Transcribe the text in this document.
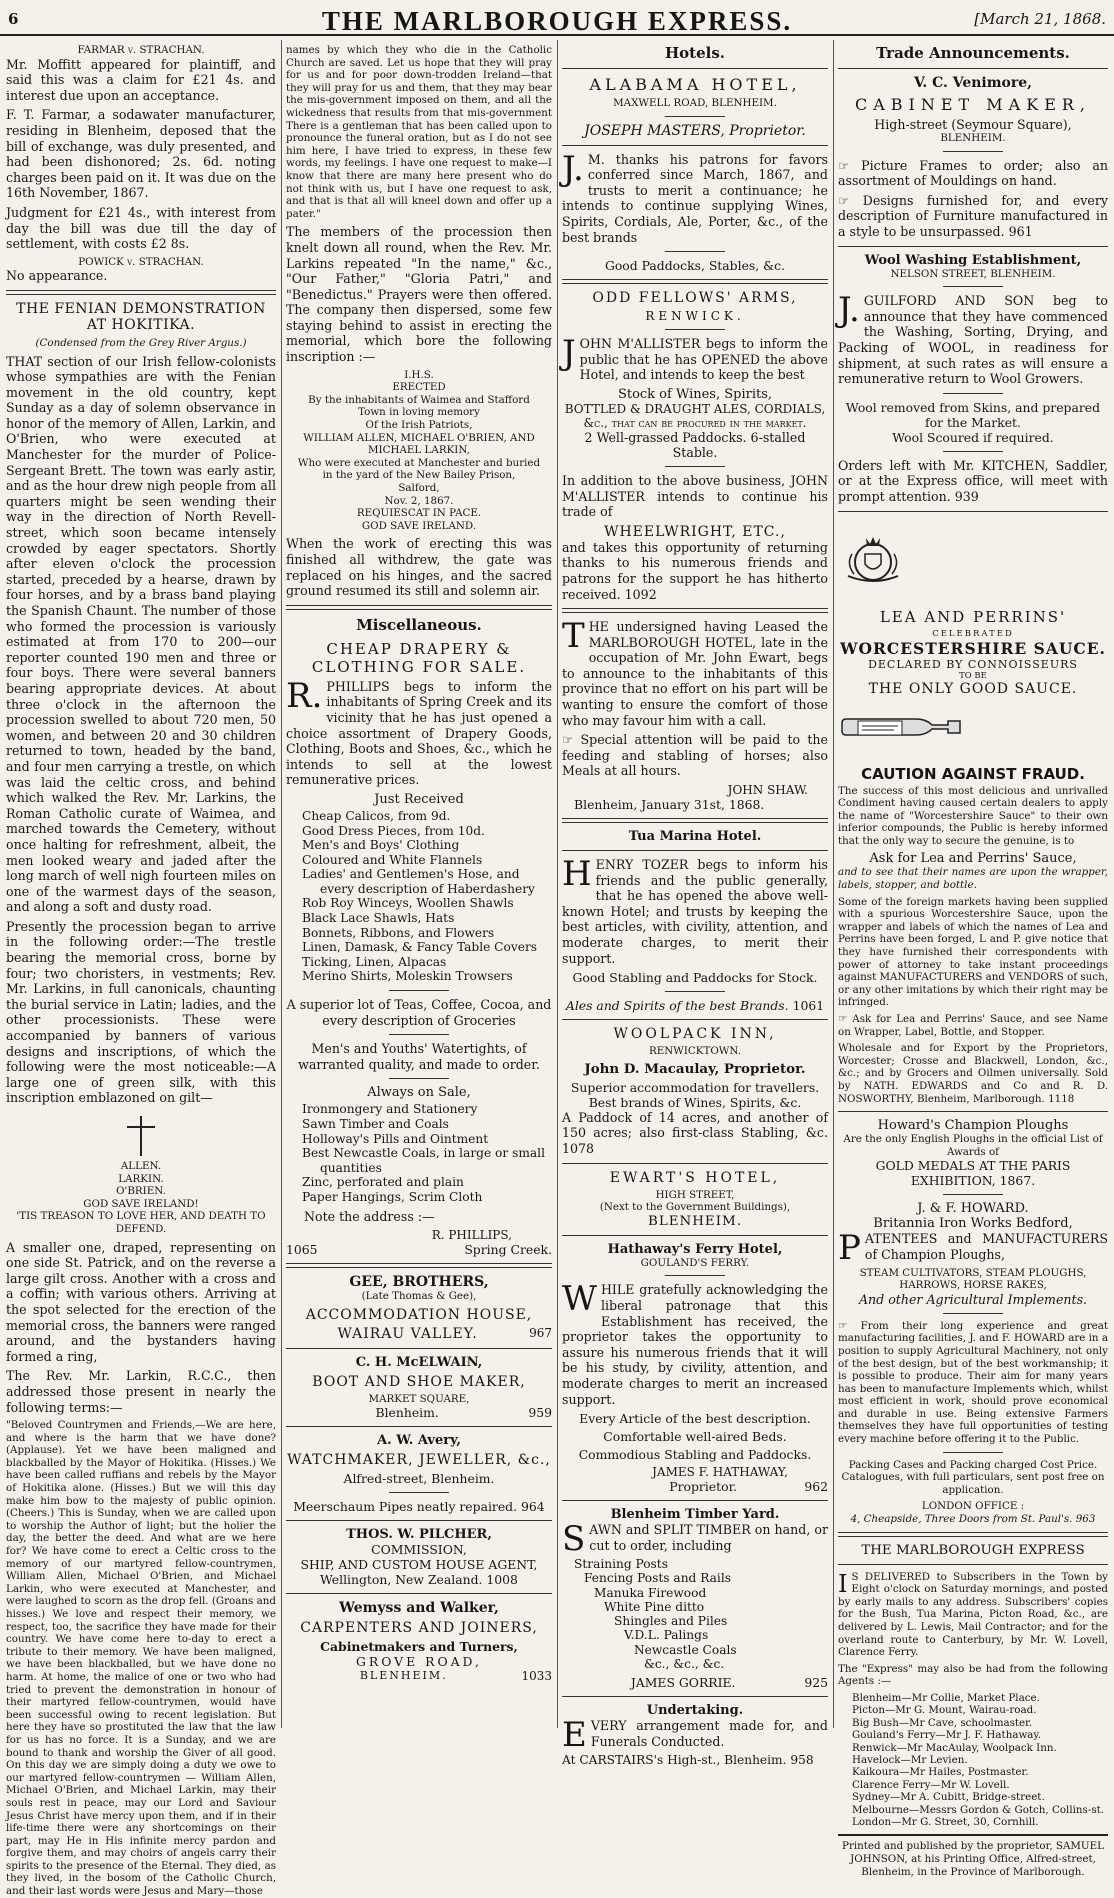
6	THE MARLBOROUGH EXPRESS.	[March 21, 1868.
FARMAR v. STRACHAN.

Mr. Moffitt appeared for plaintiff, and said this was a claim for £21 4s. and interest due upon an acceptance.

F. T. Farmar, a sodawater manufacturer, residing in Blenheim, deposed that the bill of exchange, was duly presented, and had been dishonored; 2s. 6d. noting charges been paid on it. It was due on the 16th November, 1867.

Judgment for £21 4s., with interest from day the bill was due till the day of settlement, with costs £2 8s.

POWICK v. STRACHAN.

No appearance.

THE FENIAN DEMONSTRATION AT HOKITIKA.
(Condensed from the Grey River Argus.)

THAT section of our Irish fellow-colonists whose sympathies are with the Fenian movement in the old country, kept Sunday as a day of solemn observance in honor of the memory of Allen, Larkin, and O'Brien, who were executed at Manchester for the murder of Police-Sergeant Brett. The town was early astir, and as the hour drew nigh people from all quarters might be seen wending their way in the direction of North Revell-street, which soon became intensely crowded by eager spectators. Shortly after eleven o'clock the procession started, preceded by a hearse, drawn by four horses, and by a brass band playing the Spanish Chaunt. The number of those who formed the procession is variously estimated at from 170 to 200—our reporter counted 190 men and three or four boys. There were several banners bearing appropriate devices. At about three o'clock in the afternoon the procession swelled to about 720 men, 50 women, and between 20 and 30 children returned to town, headed by the band, and four men carrying a trestle, on which was laid the celtic cross, and behind which walked the Rev. Mr. Larkins, the Roman Catholic curate of Waimea, and marched towards the Cemetery, without once halting for refreshment, albeit, the men looked weary and jaded after the long march of well nigh fourteen miles on one of the warmest days of the season, and along a soft and dusty road.

Presently the procession began to arrive in the following order:—The trestle bearing the memorial cross, borne by four; two choristers, in vestments; Rev. Mr. Larkins, in full canonicals, chaunting the burial service in Latin; ladies, and the other processionists. These were accompanied by banners of various designs and inscriptions, of which the following were the most noticeable:—A large one of green silk, with this inscription emblazoned on gilt—

ALLEN.
LARKIN.
O'BRIEN.
GOD SAVE IRELAND!
'TIS TREASON TO LOVE HER, AND DEATH TO DEFEND.

A smaller one, draped, representing on one side St. Patrick, and on the reverse a large gilt cross. Another with a cross and a coffin; with various others. Arriving at the spot selected for the erection of the memorial cross, the banners were ranged around, and the bystanders having formed a ring,

The Rev. Mr. Larkin, R.C.C., then addressed those present in nearly the following terms:—

"Beloved Countrymen and Friends,—We are here, and where is the harm that we have done? (Applause). Yet we have been maligned and blackballed by the Mayor of Hokitika. (Hisses.) We have been called ruffians and rebels by the Mayor of Hokitika alone. (Hisses.) But we will this day make him bow to the majesty of public opinion. (Cheers.) This is Sunday, when we are called upon to worship the Author of light; but the holier the day, the better the deed. And what are we here for? We have come to erect a Celtic cross to the memory of our martyred fellow-countrymen, William Allen, Michael O'Brien, and Michael Larkin, who were executed at Manchester, and were laughed to scorn as the drop fell. (Groans and hisses.) We love and respect their memory, we respect, too, the sacrifice they have made for their country. We have come here to-day to erect a tribute to their memory. We have been maligned, we have been blackballed, but we have done no harm. At home, the malice of one or two who had tried to prevent the demonstration in honour of their martyred fellow-countrymen, would have been successful owing to recent legislation. But here they have so prostituted the law that the law for us has no force. It is a Sunday, and we are bound to thank and worship the Giver of all good. On this day we are simply doing a duty we owe to our martyred fellow-countrymen — William Allen, Michael O'Brien, and Michael Larkin, may their souls rest in peace, may our Lord and Saviour Jesus Christ have mercy upon them, and if in their life-time there were any shortcomings on their part, may He in His infinite mercy pardon and forgive them, and may choirs of angels carry their spirits to the presence of the Eternal. They died, as they lived, in the bosom of the Catholic Church, and their last words were Jesus and Mary—those

names by which they who die in the Catholic Church are saved. Let us hope that they will pray for us and for poor down-trodden Ireland—that they will pray for us and them, that they may bear the mis-government imposed on them, and all the wickedness that results from that mis-government There is a gentleman that has been called upon to pronounce the funeral oration, but as I do not see him here, I have tried to express, in these few words, my feelings. I have one request to make—I know that there are many here present who do not think with us, but I have one request to ask, and that is that all will kneel down and offer up a pater."

The members of the procession then knelt down all round, when the Rev. Mr. Larkins repeated "In the name," &c., "Our Father," "Gloria Patri," and "Benedictus." Prayers were then offered. The company then dispersed, some few staying behind to assist in erecting the memorial, which bore the following inscription :—

I.H.S.
ERECTED
By the inhabitants of Waimea and Stafford
Town in loving memory
Of the Irish Patriots,
WILLIAM ALLEN, MICHAEL O'BRIEN, AND
MICHAEL LARKIN,
Who were executed at Manchester and buried
in the yard of the New Bailey Prison,
Salford,
Nov. 2, 1867.
REQUIESCAT IN PACE.
GOD SAVE IRELAND.

When the work of erecting this was finished all withdrew, the gate was replaced on his hinges, and the sacred ground resumed its still and solemn air.

Miscellaneous.
CHEAP DRAPERY & CLOTHING FOR SALE.

R. PHILLIPS begs to inform the inhabitants of Spring Creek and its vicinity that he has just opened a choice assortment of Drapery Goods, Clothing, Boots and Shoes, &c., which he intends to sell at the lowest remunerative prices.

Just Received
Cheap Calicos, from 9d.
Good Dress Pieces, from 10d.
Men's and Boys' Clothing
Coloured and White Flannels
Ladies' and Gentlemen's Hose, and
every description of Haberdashery
Rob Roy Winceys, Woollen Shawls
Black Lace Shawls, Hats
Bonnets, Ribbons, and Flowers
Linen, Damask, & Fancy Table Covers
Ticking, Linen, Alpacas
Merino Shirts, Moleskin Trowsers

A superior lot of Teas, Coffee, Cocoa, and every description of Groceries

Men's and Youths' Watertights, of warranted quality, and made to order.

Always on Sale,
Ironmongery and Stationery
Sawn Timber and Coals
Holloway's Pills and Ointment
Best Newcastle Coals, in large or small
quantities
Zinc, perforated and plain
Paper Hangings, Scrim Cloth

Note the address :—

R. PHILLIPS,
1065	Spring Creek.
GEE, BROTHERS,
(Late Thomas & Gee),
ACCOMMODATION HOUSE,
WAIRAU VALLEY.	967
C. H. McELWAIN,
BOOT AND SHOE MAKER,
MARKET SQUARE,
Blenheim.	959
A. W. Avery,
WATCHMAKER, JEWELLER, &c.,
Alfred-street, Blenheim.
Meerschaum Pipes neatly repaired. 964
THOS. W. PILCHER,
COMMISSION,
SHIP, AND CUSTOM HOUSE AGENT,
Wellington, New Zealand. 1008
Wemyss and Walker,
CARPENTERS AND JOINERS,
Cabinetmakers and Turners,
GROVE ROAD,
BLENHEIM.	1033
Hotels.
ALABAMA HOTEL,
MAXWELL ROAD, BLENHEIM.
JOSEPH MASTERS, Proprietor.

J. M. thanks his patrons for favors conferred since March, 1867, and trusts to merit a continuance; he intends to continue supplying Wines, Spirits, Cordials, Ale, Porter, &c., of the best brands

Good Paddocks, Stables, &c.
ODD FELLOWS' ARMS,
RENWICK.

JOHN M'ALLISTER begs to inform the public that he has OPENED the above Hotel, and intends to keep the best

Stock of Wines, Spirits,
BOTTLED & DRAUGHT ALES, CORDIALS, &c., that can be procured in the market.
2 Well-grassed Paddocks. 6-stalled Stable.

In addition to the above business, JOHN M'ALLISTER intends to continue his trade of

WHEELWRIGHT, ETC.,

and takes this opportunity of returning thanks to his numerous friends and patrons for the support he has hitherto received. 1092

THE undersigned having Leased the MARLBOROUGH HOTEL, late in the occupation of Mr. John Ewart, begs to announce to the inhabitants of this province that no effort on his part will be wanting to ensure the comfort of those who may favour him with a call.

☞ Special attention will be paid to the feeding and stabling of horses; also Meals at all hours.

JOHN SHAW.
Blenheim, January 31st, 1868.
Tua Marina Hotel.

HENRY TOZER begs to inform his friends and the public generally, that he has opened the above well-known Hotel; and trusts by keeping the best articles, with civility, attention, and moderate charges, to merit their support.

Good Stabling and Paddocks for Stock.
Ales and Spirits of the best Brands. 1061
WOOLPACK INN,
RENWICKTOWN.
John D. Macaulay, Proprietor.
Superior accommodation for travellers.
Best brands of Wines, Spirits, &c.

A Paddock of 14 acres, and another of 150 acres; also first-class Stabling, &c. 1078

EWART'S HOTEL,
HIGH STREET,
(Next to the Government Buildings),
BLENHEIM.
Hathaway's Ferry Hotel,
GOULAND'S FERRY.

WHILE gratefully acknowledging the liberal patronage that this Establishment has received, the proprietor takes the opportunity to assure his numerous friends that it will be his study, by civility, attention, and moderate charges to merit an increased support.

Every Article of the best description.
Comfortable well-aired Beds.
Commodious Stabling and Paddocks.
JAMES F. HATHAWAY,
Proprietor.	962
Blenheim Timber Yard.

SAWN and SPLIT TIMBER on hand, or cut to order, including

Straining Posts
Fencing Posts and Rails
Manuka Firewood
White Pine ditto
Shingles and Piles
V.D.L. Palings
Newcastle Coals
&c., &c., &c.
JAMES GORRIE.	925
Undertaking.

EVERY arrangement made for, and Funerals Conducted.

At CARSTAIRS's High-st., Blenheim. 958
Trade Announcements.
V. C. Venimore,
CABINET MAKER,
High-street (Seymour Square),
BLENHEIM.

☞ Picture Frames to order; also an assortment of Mouldings on hand.

☞ Designs furnished for, and every description of Furniture manufactured in a style to be unsurpassed. 961

Wool Washing Establishment,
NELSON STREET, BLENHEIM.

J. GUILFORD AND SON beg to announce that they have commenced the Washing, Sorting, Drying, and Packing of WOOL, in readiness for shipment, at such rates as will ensure a remunerative return to Wool Growers.

Wool removed from Skins, and prepared for the Market.
Wool Scoured if required.

Orders left with Mr. KITCHEN, Saddler, or at the Express office, will meet with prompt attention. 939

LEA AND PERRINS'
CELEBRATED
WORCESTERSHIRE SAUCE.
DECLARED BY CONNOISSEURS
TO BE
THE ONLY GOOD SAUCE.
CAUTION AGAINST FRAUD.

The success of this most delicious and unrivalled Condiment having caused certain dealers to apply the name of "Worcestershire Sauce" to their own inferior compounds, the Public is hereby informed that the only way to secure the genuine, is to

Ask for Lea and Perrins' Sauce,

and to see that their names are upon the wrapper, labels, stopper, and bottle.

Some of the foreign markets having been supplied with a spurious Worcestershire Sauce, upon the wrapper and labels of which the names of Lea and Perrins have been forged, L and P. give notice that they have furnished their correspondents with power of attorney to take instant proceedings against MANUFACTURERS and VENDORS of such, or any other imitations by which their right may be infringed.

☞ Ask for Lea and Perrins' Sauce, and see Name on Wrapper, Label, Bottle, and Stopper.

Wholesale and for Export by the Proprietors, Worcester; Crosse and Blackwell, London, &c., &c.; and by Grocers and Oilmen universally. Sold by NATH. EDWARDS and Co and R. D. NOSWORTHY, Blenheim, Marlborough. 1118

Howard's Champion Ploughs
Are the only English Ploughs in the official List of Awards of
GOLD MEDALS AT THE PARIS EXHIBITION, 1867.
J. & F. HOWARD.
Britannia Iron Works Bedford,

PATENTEES and MANUFACTURERS of Champion Ploughs,

STEAM CULTIVATORS, STEAM PLOUGHS, HARROWS, HORSE RAKES,
And other Agricultural Implements.

☞ From their long experience and great manufacturing facilities, J. and F. HOWARD are in a position to supply Agricultural Machinery, not only of the best design, but of the best workmanship; it is possible to produce. Their aim for many years has been to manufacture Implements which, whilst most efficient in work, should prove economical and durable in use. Being extensive Farmers themselves they have full opportunities of testing every machine before offering it to the Public.

Packing Cases and Packing charged Cost Price. Catalogues, with full particulars, sent post free on application.

LONDON OFFICE :
4, Cheapside, Three Doors from St. Paul's. 963
THE MARLBOROUGH EXPRESS

I S DELIVERED to Subscribers in the Town by Eight o'clock on Saturday mornings, and posted by early mails to any address. Subscribers' copies for the Bush, Tua Marina, Picton Road, &c., are delivered by L. Lewis, Mail Contractor; and for the overland route to Canterbury, by Mr. W. Lovell, Clarence Ferry.

The "Express" may also be had from the following Agents :—

Blenheim—Mr Collie, Market Place.
Picton—Mr G. Mount, Wairau-road.
Big Bush—Mr Cave, schoolmaster.
Gouland's Ferry—Mr J. F. Hathaway.
Renwick—Mr MacAulay, Woolpack Inn.
Havelock—Mr Levien.
Kaikoura—Mr Hailes, Postmaster.
Clarence Ferry—Mr W. Lovell.
Sydney—Mr A. Cubitt, Bridge-street.
Melbourne—Messrs Gordon & Gotch, Collins-st.
London—Mr G. Street, 30, Cornhill.

Printed and published by the proprietor, SAMUEL JOHNSON, at his Printing Office, Alfred-street, Blenheim, in the Province of Marlborough.
